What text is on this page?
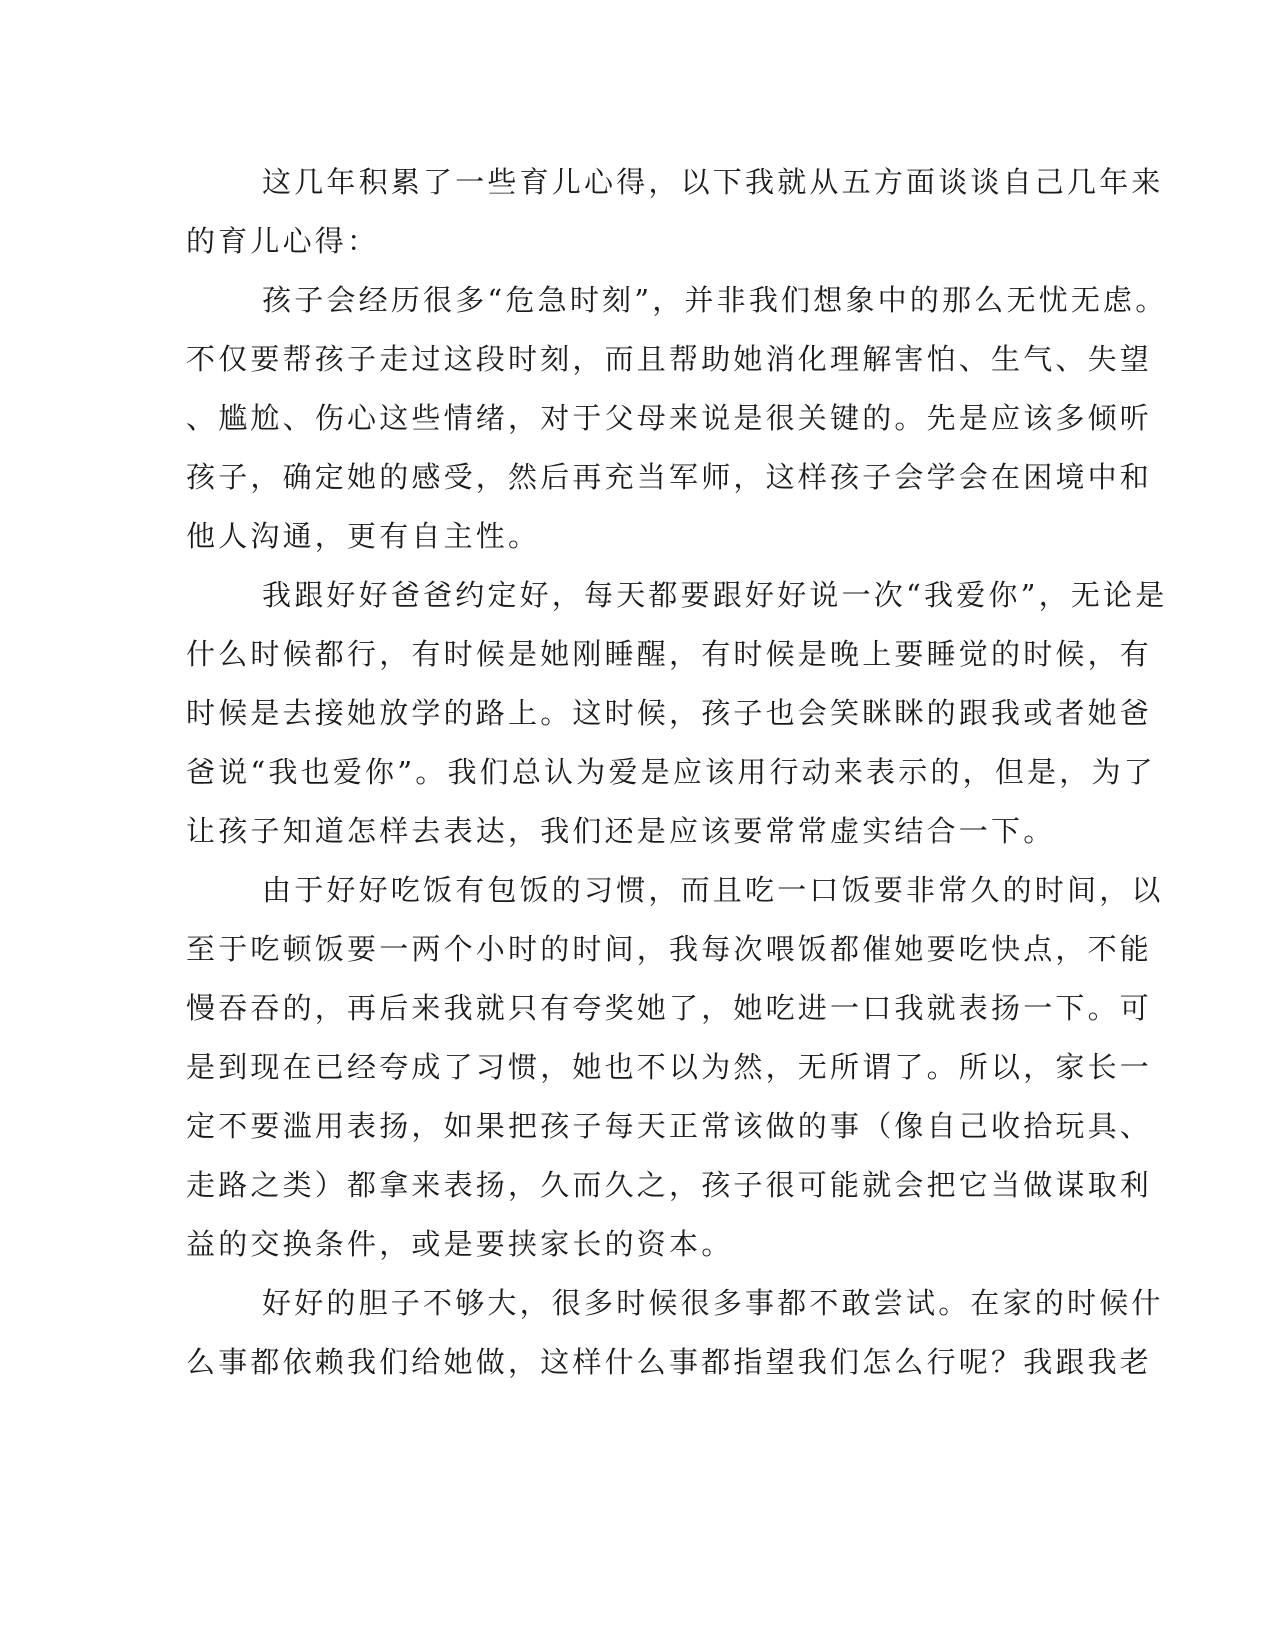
这几年积累了一些育儿心得，以下我就从五方面谈谈自己几年来
的育儿心得：
孩子会经历很多“危急时刻”，并非我们想象中的那么无忧无虑。
不仅要帮孩子走过这段时刻，而且帮助她消化理解害怕、生气、失望
、尴尬、伤心这些情绪，对于父母来说是很关键的。先是应该多倾听
孩子，确定她的感受，然后再充当军师，这样孩子会学会在困境中和
他人沟通，更有自主性。
我跟好好爸爸约定好，每天都要跟好好说一次“我爱你”，无论是
什么时候都行，有时候是她刚睡醒，有时候是晚上要睡觉的时候，有
时候是去接她放学的路上。这时候，孩子也会笑眯眯的跟我或者她爸
爸说“我也爱你”。我们总认为爱是应该用行动来表示的，但是，为了
让孩子知道怎样去表达，我们还是应该要常常虚实结合一下。
由于好好吃饭有包饭的习惯，而且吃一口饭要非常久的时间，以
至于吃顿饭要一两个小时的时间，我每次喂饭都催她要吃快点，不能
慢吞吞的，再后来我就只有夸奖她了，她吃进一口我就表扬一下。可
是到现在已经夸成了习惯，她也不以为然，无所谓了。所以，家长一
定不要滥用表扬，如果把孩子每天正常该做的事（像自己收拾玩具、
走路之类）都拿来表扬，久而久之，孩子很可能就会把它当做谋取利
益的交换条件，或是要挟家长的资本。
好好的胆子不够大，很多时候很多事都不敢尝试。在家的时候什
么事都依赖我们给她做，这样什么事都指望我们怎么行呢？我跟我老
